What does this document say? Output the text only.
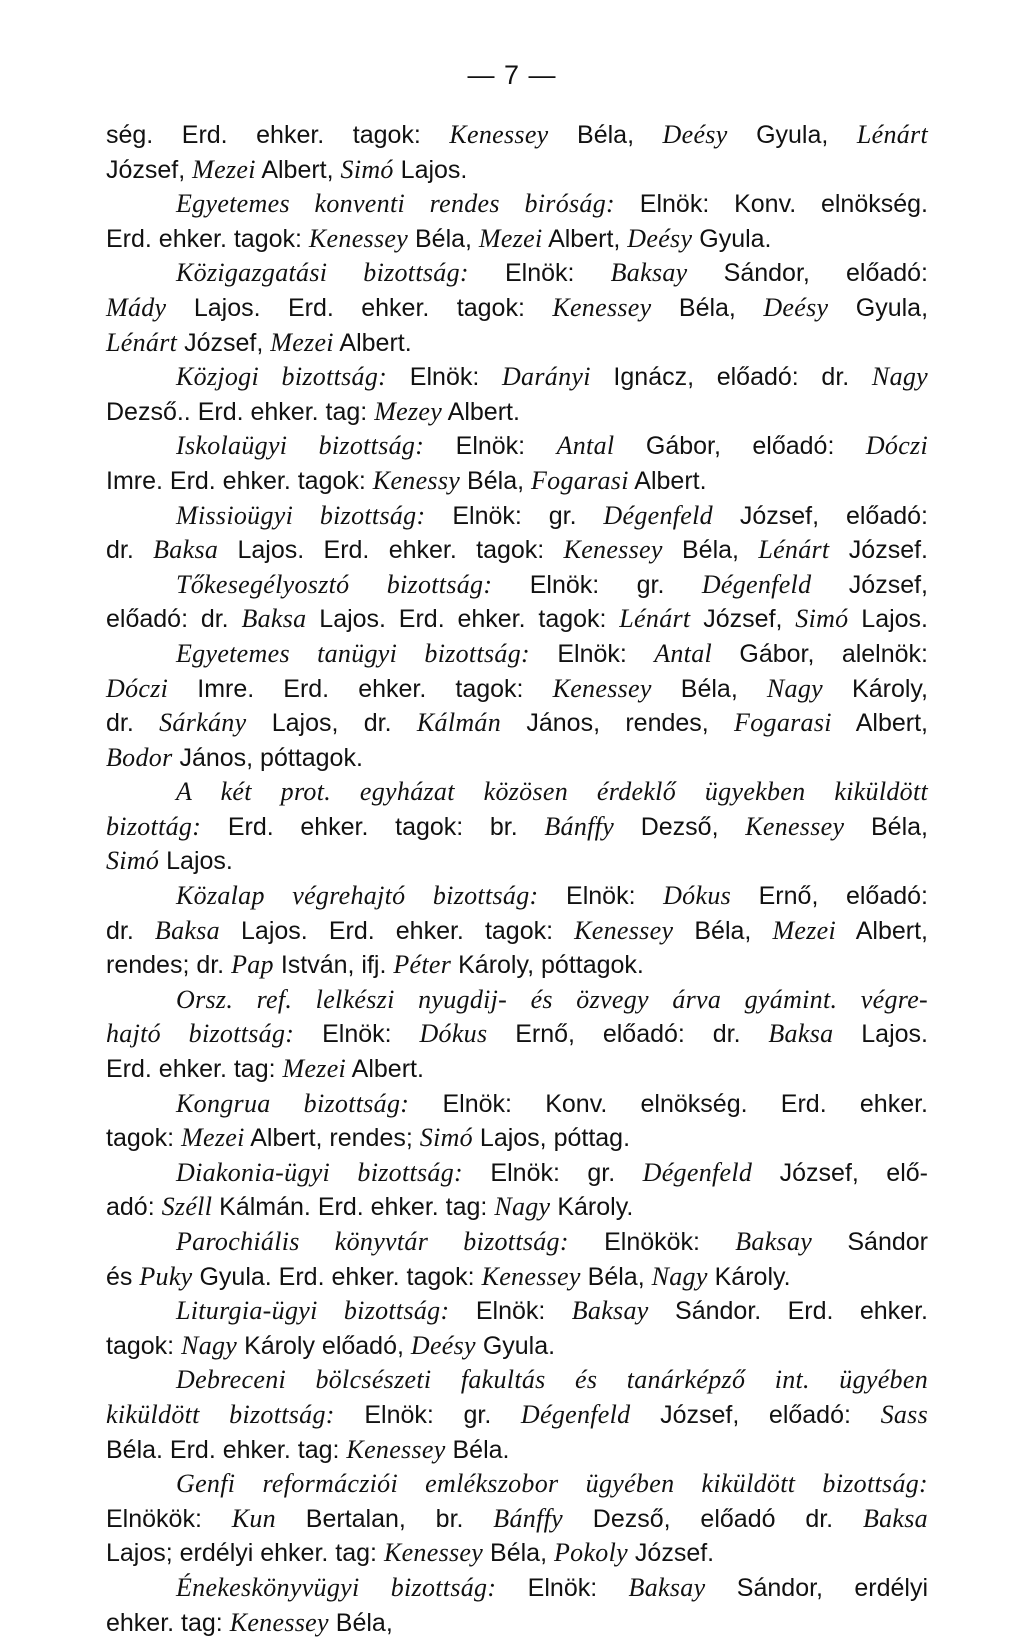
— 7 —
ség. Erd. ehker. tagok: Kenessey Béla, Deésy Gyula, Lénárt
József, Mezei Albert, Simó Lajos.
Egyetemes konventi rendes biróság: Elnök: Konv. elnökség.
Erd. ehker. tagok: Kenessey Béla, Mezei Albert, Deésy Gyula.
Közigazgatási bizottság: Elnök: Baksay Sándor, előadó:
Mády Lajos. Erd. ehker. tagok: Kenessey Béla, Deésy Gyula,
Lénárt József, Mezei Albert.
Közjogi bizottság: Elnök: Darányi Ignácz, előadó: dr. Nagy
Dezső.. Erd. ehker. tag: Mezey Albert.
Iskolaügyi bizottság: Elnök: Antal Gábor, előadó: Dóczi
Imre. Erd. ehker. tagok: Kenessy Béla, Fogarasi Albert.
Missioügyi bizottság: Elnök: gr. Dégenfeld József, előadó:
dr. Baksa Lajos. Erd. ehker. tagok: Kenessey Béla, Lénárt József.
Tőkesegélyosztó bizottság: Elnök: gr. Dégenfeld József,
előadó: dr. Baksa Lajos. Erd. ehker. tagok: Lénárt József, Simó Lajos.
Egyetemes tanügyi bizottság: Elnök: Antal Gábor, alelnök:
Dóczi Imre. Erd. ehker. tagok: Kenessey Béla, Nagy Károly,
dr. Sárkány Lajos, dr. Kálmán János, rendes, Fogarasi Albert,
Bodor János, póttagok.
A két prot. egyházat közösen érdeklő ügyekben kiküldött
bizottág: Erd. ehker. tagok: br. Bánffy Dezső, Kenessey Béla,
Simó Lajos.
Közalap végrehajtó bizottság: Elnök: Dókus Ernő, előadó:
dr. Baksa Lajos. Erd. ehker. tagok: Kenessey Béla, Mezei Albert,
rendes; dr. Pap István, ifj. Péter Károly, póttagok.
Orsz. ref. lelkészi nyugdij- és özvegy árva gyámint. végre-
hajtó bizottság: Elnök: Dókus Ernő, előadó: dr. Baksa Lajos.
Erd. ehker. tag: Mezei Albert.
Kongrua bizottság: Elnök: Konv. elnökség. Erd. ehker.
tagok: Mezei Albert, rendes; Simó Lajos, póttag.
Diakonia-ügyi bizottság: Elnök: gr. Dégenfeld József, elő-
adó: Széll Kálmán. Erd. ehker. tag: Nagy Károly.
Parochiális könyvtár bizottság: Elnökök: Baksay Sándor
és Puky Gyula. Erd. ehker. tagok: Kenessey Béla, Nagy Károly.
Liturgia-ügyi bizottság: Elnök: Baksay Sándor. Erd. ehker.
tagok: Nagy Károly előadó, Deésy Gyula.
Debreceni bölcsészeti fakultás és tanárképző int. ügyében
kiküldött bizottság: Elnök: gr. Dégenfeld József, előadó: Sass
Béla. Erd. ehker. tag: Kenessey Béla.
Genfi reformácziói emlékszobor ügyében kiküldött bizottság:
Elnökök: Kun Bertalan, br. Bánffy Dezső, előadó dr. Baksa
Lajos; erdélyi ehker. tag: Kenessey Béla, Pokoly József.
Énekeskönyvügyi bizottság: Elnök: Baksay Sándor, erdélyi
ehker. tag: Kenessey Béla,
